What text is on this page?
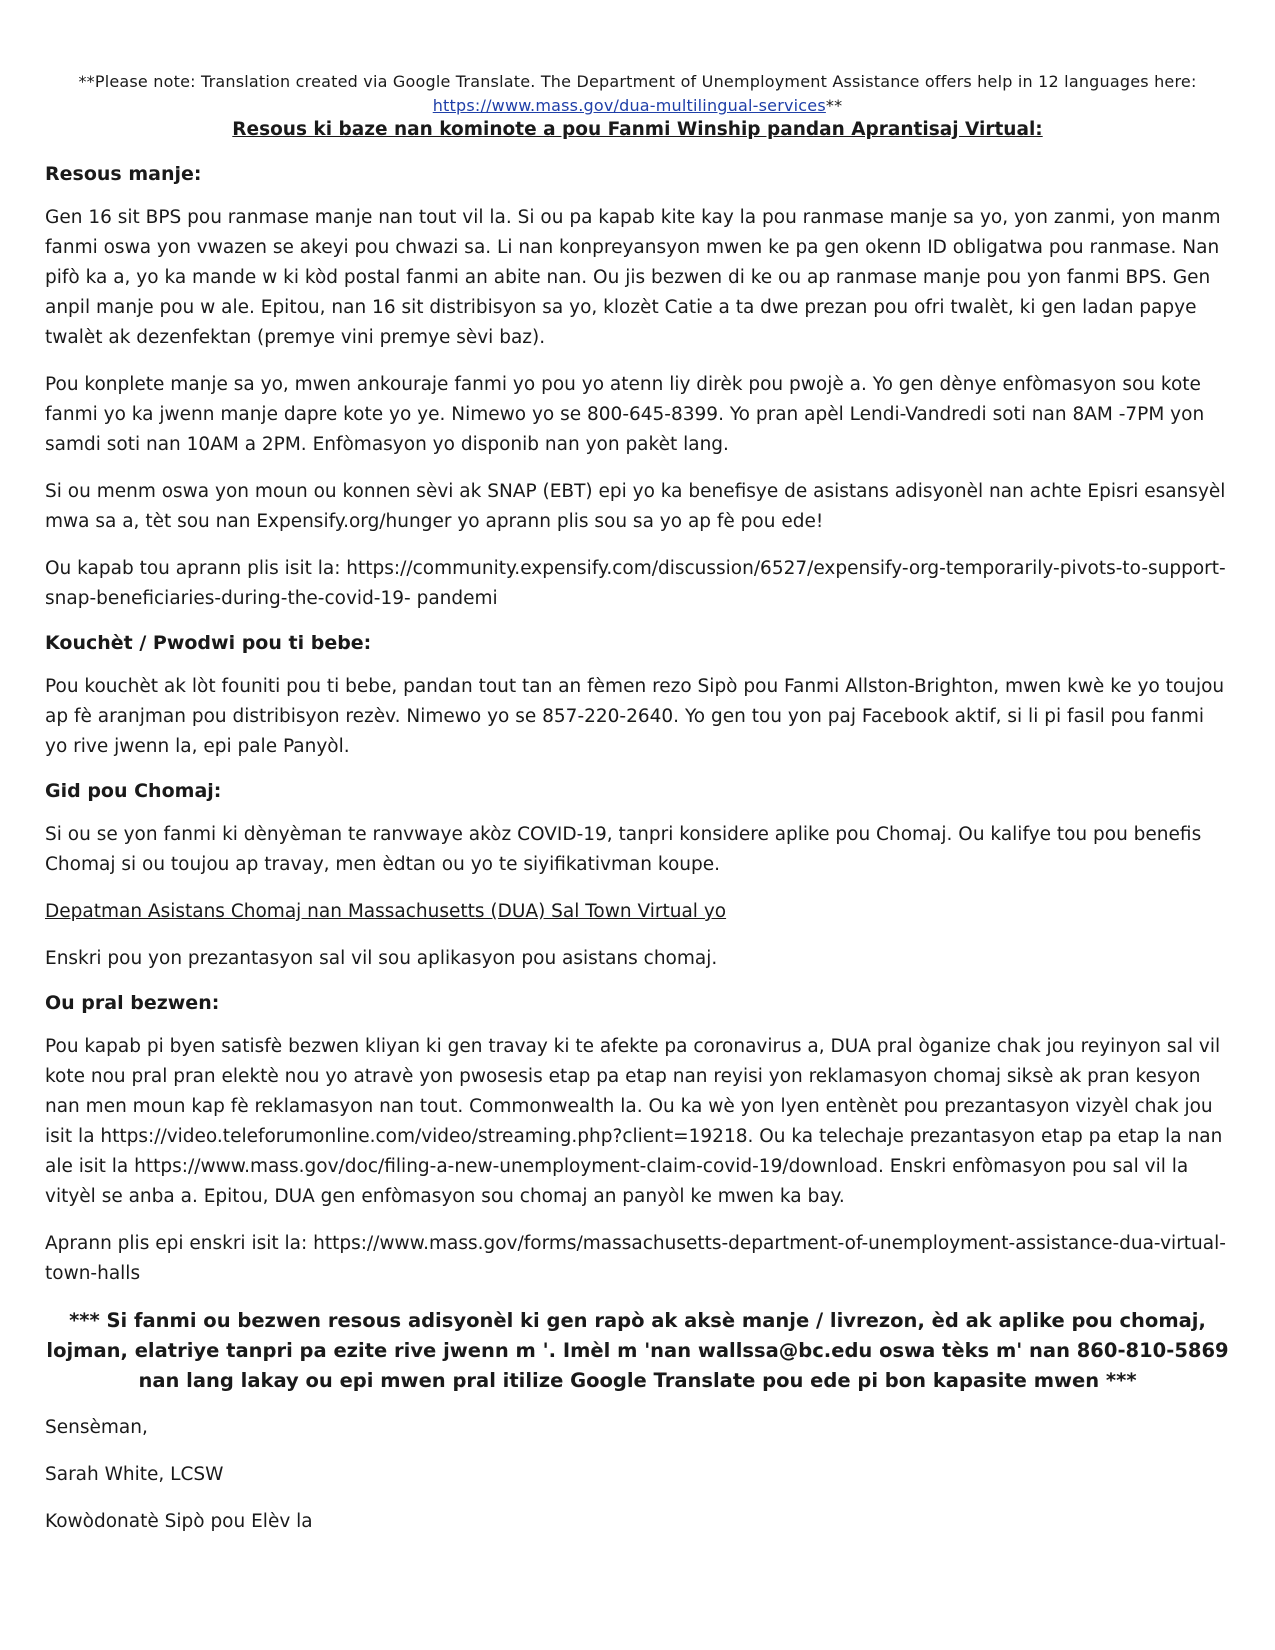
**Please note: Translation created via Google Translate. The Department of Unemployment Assistance offers help in 12 languages here:
https://www.mass.gov/dua-multilingual-services**
Resous ki baze nan kominote a pou Fanmi Winship pandan Aprantisaj Virtual:
Resous manje:

Gen 16 sit BPS pou ranmase manje nan tout vil la. Si ou pa kapab kite kay la pou ranmase manje sa yo, yon zanmi, yon manm fanmi oswa yon vwazen se akeyi pou chwazi sa. Li nan konpreyansyon mwen ke pa gen okenn ID obligatwa pou ranmase. Nan pifò ka a, yo ka mande w ki kòd postal fanmi an abite nan. Ou jis bezwen di ke ou ap ranmase manje pou yon fanmi BPS. Gen anpil manje pou w ale. Epitou, nan 16 sit distribisyon sa yo, klozèt Catie a ta dwe prezan pou ofri twalèt, ki gen ladan papye twalèt ak dezenfektan (premye vini premye sèvi baz).

Pou konplete manje sa yo, mwen ankouraje fanmi yo pou yo atenn liy dirèk pou pwojè a. Yo gen dènye enfòmasyon sou kote fanmi yo ka jwenn manje dapre kote yo ye. Nimewo yo se 800-645-8399. Yo pran apèl Lendi-Vandredi soti nan 8AM -7PM yon samdi soti nan 10AM a 2PM. Enfòmasyon yo disponib nan yon pakèt lang.

Si ou menm oswa yon moun ou konnen sèvi ak SNAP (EBT) epi yo ka benefisye de asistans adisyonèl nan achte Episri esansyèl mwa sa a, tèt sou nan Expensify.org/hunger yo aprann plis sou sa yo ap fè pou ede!

Ou kapab tou aprann plis isit la: https://community.expensify.com/discussion/6527/expensify-org-temporarily-pivots-to-support-snap-beneficiaries-during-the-covid-19- pandemi

Kouchèt / Pwodwi pou ti bebe:

Pou kouchèt ak lòt founiti pou ti bebe, pandan tout tan an fèmen rezo Sipò pou Fanmi Allston-Brighton, mwen kwè ke yo toujou ap fè aranjman pou distribisyon rezèv. Nimewo yo se 857-220-2640. Yo gen tou yon paj Facebook aktif, si li pi fasil pou fanmi yo rive jwenn la, epi pale Panyòl.

Gid pou Chomaj:

Si ou se yon fanmi ki dènyèman te ranvwaye akòz COVID-19, tanpri konsidere aplike pou Chomaj. Ou kalifye tou pou benefis Chomaj si ou toujou ap travay, men èdtan ou yo te siyifikativman koupe.

Depatman Asistans Chomaj nan Massachusetts (DUA) Sal Town Virtual yo

Enskri pou yon prezantasyon sal vil sou aplikasyon pou asistans chomaj.

Ou pral bezwen:

Pou kapab pi byen satisfè bezwen kliyan ki gen travay ki te afekte pa coronavirus a, DUA pral òganize chak jou reyinyon sal vil kote nou pral pran elektè nou yo atravè yon pwosesis etap pa etap nan reyisi yon reklamasyon chomaj siksè ak pran kesyon nan men moun kap fè reklamasyon nan tout. Commonwealth la. Ou ka wè yon lyen entènèt pou prezantasyon vizyèl chak jou isit la https://video.teleforumonline.com/video/streaming.php?client=19218. Ou ka telechaje prezantasyon etap pa etap la nan ale isit la https://www.mass.gov/doc/filing-a-new-unemployment-claim-covid-19/download. Enskri enfòmasyon pou sal vil la vityèl se anba a. Epitou, DUA gen enfòmasyon sou chomaj an panyòl ke mwen ka bay.

Aprann plis epi enskri isit la: https://www.mass.gov/forms/massachusetts-department-of-unemployment-assistance-dua-virtual-town-halls

*** Si fanmi ou bezwen resous adisyonèl ki gen rapò ak aksè manje / livrezon, èd ak aplike pou chomaj, lojman, elatriye tanpri pa ezite rive jwenn m '. Imèl m 'nan wallssa@bc.edu oswa tèks m' nan 860-810-5869 nan lang lakay ou epi mwen pral itilize Google Translate pou ede pi bon kapasite mwen ***

Sensèman,

Sarah White, LCSW

Kowòdonatè Sipò pou Elèv la
